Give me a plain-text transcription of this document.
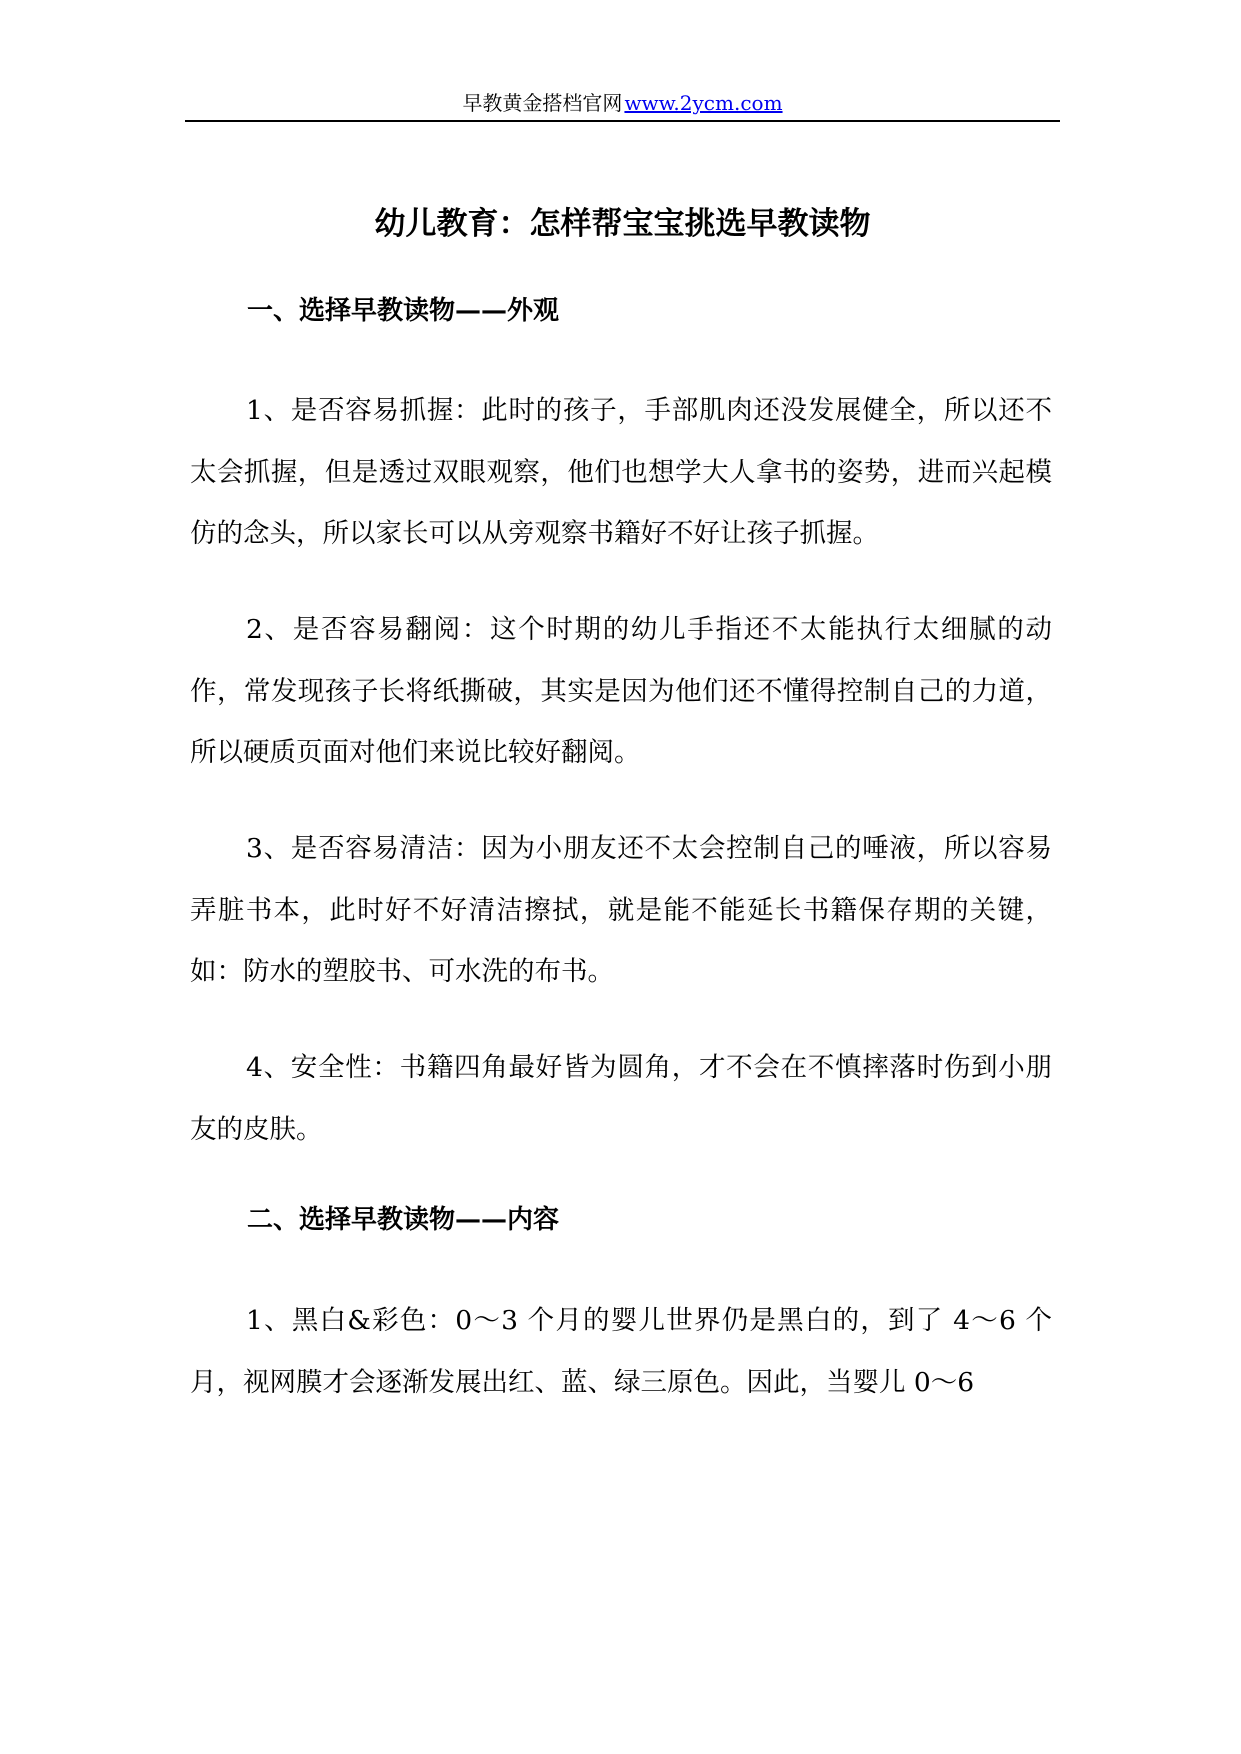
早教黄金搭档官网 www.2ycm.com
幼儿教育：怎样帮宝宝挑选早教读物
一、选择早教读物——外观
1、是否容易抓握：此时的孩子，手部肌肉还没发展健全，所以还不太会抓握，但是透过双眼观察，他们也想学大人拿书的姿势，进而兴起模仿的念头，所以家长可以从旁观察书籍好不好让孩子抓握。
2、是否容易翻阅：这个时期的幼儿手指还不太能执行太细腻的动作，常发现孩子长将纸撕破，其实是因为他们还不懂得控制自己的力道，所以硬质页面对他们来说比较好翻阅。
3、是否容易清洁：因为小朋友还不太会控制自己的唾液，所以容易弄脏书本，此时好不好清洁擦拭，就是能不能延长书籍保存期的关键，如：防水的塑胶书、可水洗的布书。
4、安全性：书籍四角最好皆为圆角，才不会在不慎摔落时伤到小朋友的皮肤。
二、选择早教读物——内容
1、黑白&彩色：0～3 个月的婴儿世界仍是黑白的，到了 4～6 个月，视网膜才会逐渐发展出红、蓝、绿三原色。因此，当婴儿 0～6
